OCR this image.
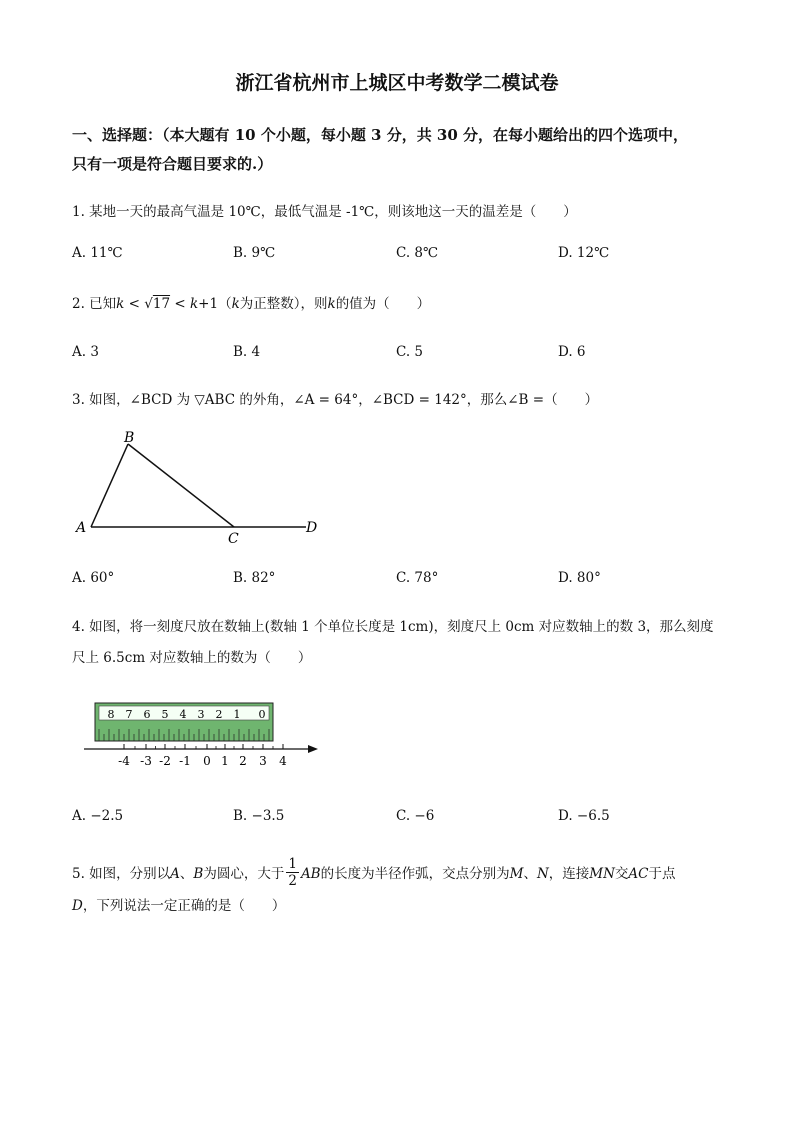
浙江省杭州市上城区中考数学二模试卷
一、选择题：（本大题有 10 个小题，每小题 3 分，共 30 分，在每小题给出的四个选项中，
只有一项是符合题目要求的.）
1. 某地一天的最高气温是 10℃，最低气温是 -1℃，则该地这一天的温差是（　　）
A. 11℃	B. 9℃	C. 8℃	D. 12℃
2. 已知k < √17 < k+1（k为正整数），则k的值为（　　）
A. 3	B. 4	C. 5	D. 6
3. 如图，∠BCD 为 ▽ABC 的外角，∠A = 64°，∠BCD = 142°，那么∠B =（　　）
A
B
C
D
A. 60°	B. 82°	C. 78°	D. 80°
4. 如图，将一刻度尺放在数轴上(数轴 1 个单位长度是 1cm)，刻度尺上 0cm 对应数轴上的数 3，那么刻度
尺上 6.5cm 对应数轴上的数为（　　）
8 7 6 5 4 3 2 1 0
-4 -3 -2 -1 0 1 2 3 4
A. −2.5	B. −3.5	C. −6	D. −6.5
5. 如图，分别以A、B为圆心，大于 $\frac{1}{2}$ AB的长度为半径作弧，交点分别为M、N，连接MN交AC于点
D，下列说法一定正确的是（　　）
